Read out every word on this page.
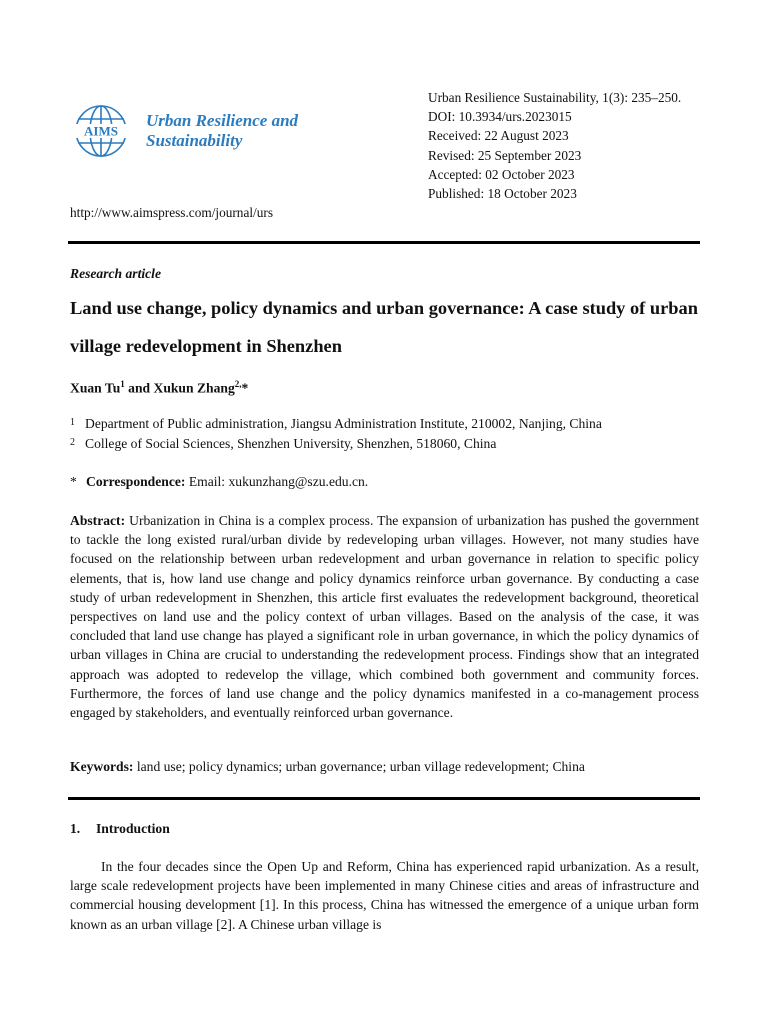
AIMS
Urban Resilience and
Sustainability
Urban Resilience Sustainability, 1(3): 235–250.
DOI: 10.3934/urs.2023015
Received: 22 August 2023
Revised: 25 September 2023
Accepted: 02 October 2023
Published: 18 October 2023
http://www.aimspress.com/journal/urs
Research article
Land use change, policy dynamics and urban governance: A case study of urban village redevelopment in Shenzhen
Xuan Tu$^1$ and Xukun Zhang$^{2,}$*
1 Department of Public administration, Jiangsu Administration Institute, 210002, Nanjing, China
2 College of Social Sciences, Shenzhen University, Shenzhen, 518060, China
* Correspondence: Email: xukunzhang@szu.edu.cn.
Abstract: Urbanization in China is a complex process. The expansion of urbanization has pushed the government to tackle the long existed rural/urban divide by redeveloping urban villages. However, not many studies have focused on the relationship between urban redevelopment and urban governance in relation to specific policy elements, that is, how land use change and policy dynamics reinforce urban governance. By conducting a case study of urban redevelopment in Shenzhen, this article first evaluates the redevelopment background, theoretical perspectives on land use and the policy context of urban villages. Based on the analysis of the case, it was concluded that land use change has played a significant role in urban governance, in which the policy dynamics of urban villages in China are crucial to understanding the redevelopment process. Findings show that an integrated approach was adopted to redevelop the village, which combined both government and community forces. Furthermore, the forces of land use change and the policy dynamics manifested in a co-management process engaged by stakeholders, and eventually reinforced urban governance.
Keywords: land use; policy dynamics; urban governance; urban village redevelopment; China
1. Introduction
In the four decades since the Open Up and Reform, China has experienced rapid urbanization. As a result, large scale redevelopment projects have been implemented in many Chinese cities and areas of infrastructure and commercial housing development [1]. In this process, China has witnessed the emergence of a unique urban form known as an urban village [2]. A Chinese urban village is
